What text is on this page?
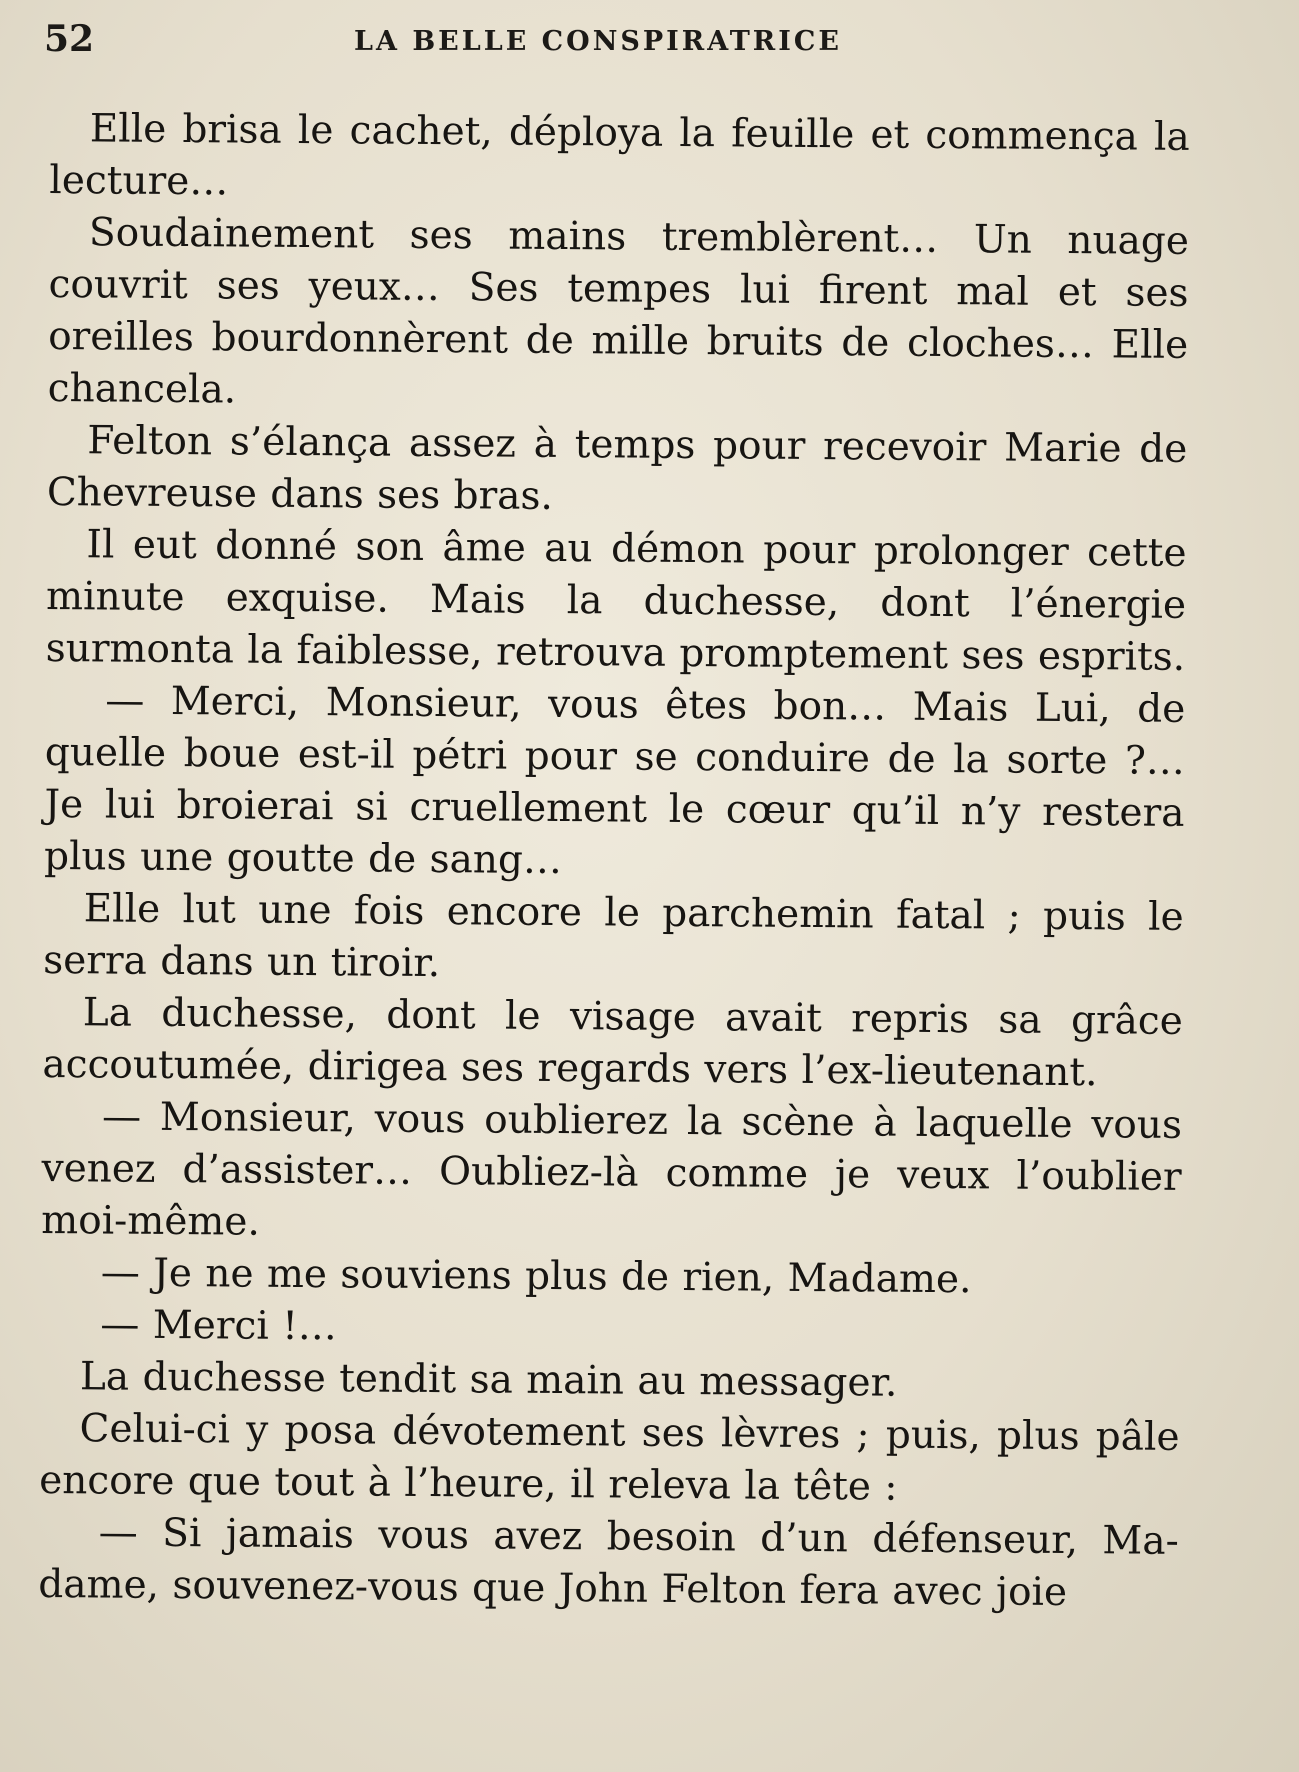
52	LA BELLE CONSPIRATRICE

Elle brisa le cachet, déploya la feuille et commença la lecture…

Soudainement ses mains tremblèrent… Un nuage couvrit ses yeux… Ses tempes lui firent mal et ses oreilles bourdonnèrent de mille bruits de cloches… Elle chancela.

Felton s’élança assez à temps pour recevoir Marie de Chevreuse dans ses bras.

Il eut donné son âme au démon pour prolonger cette minute exquise. Mais la duchesse, dont l’énergie surmonta la faiblesse, retrouva promptement ses esprits.

— Merci, Monsieur, vous êtes bon… Mais Lui, de quelle boue est-il pétri pour se conduire de la sorte ?… Je lui broierai si cruellement le cœur qu’il n’y restera plus une goutte de sang…

Elle lut une fois encore le parchemin fatal ; puis le serra dans un tiroir.

La duchesse, dont le visage avait repris sa grâce accoutumée, dirigea ses regards vers l’ex-lieutenant.

— Monsieur, vous oublierez la scène à laquelle vous venez d’assister… Oubliez-là comme je veux l’oublier moi-même.

— Je ne me souviens plus de rien, Madame.

— Merci !…

La duchesse tendit sa main au messager.

Celui-ci y posa dévotement ses lèvres ; puis, plus pâle encore que tout à l’heure, il releva la tête :

— Si jamais vous avez besoin d’un défenseur, Madame, souvenez-vous que John Felton fera avec joie
